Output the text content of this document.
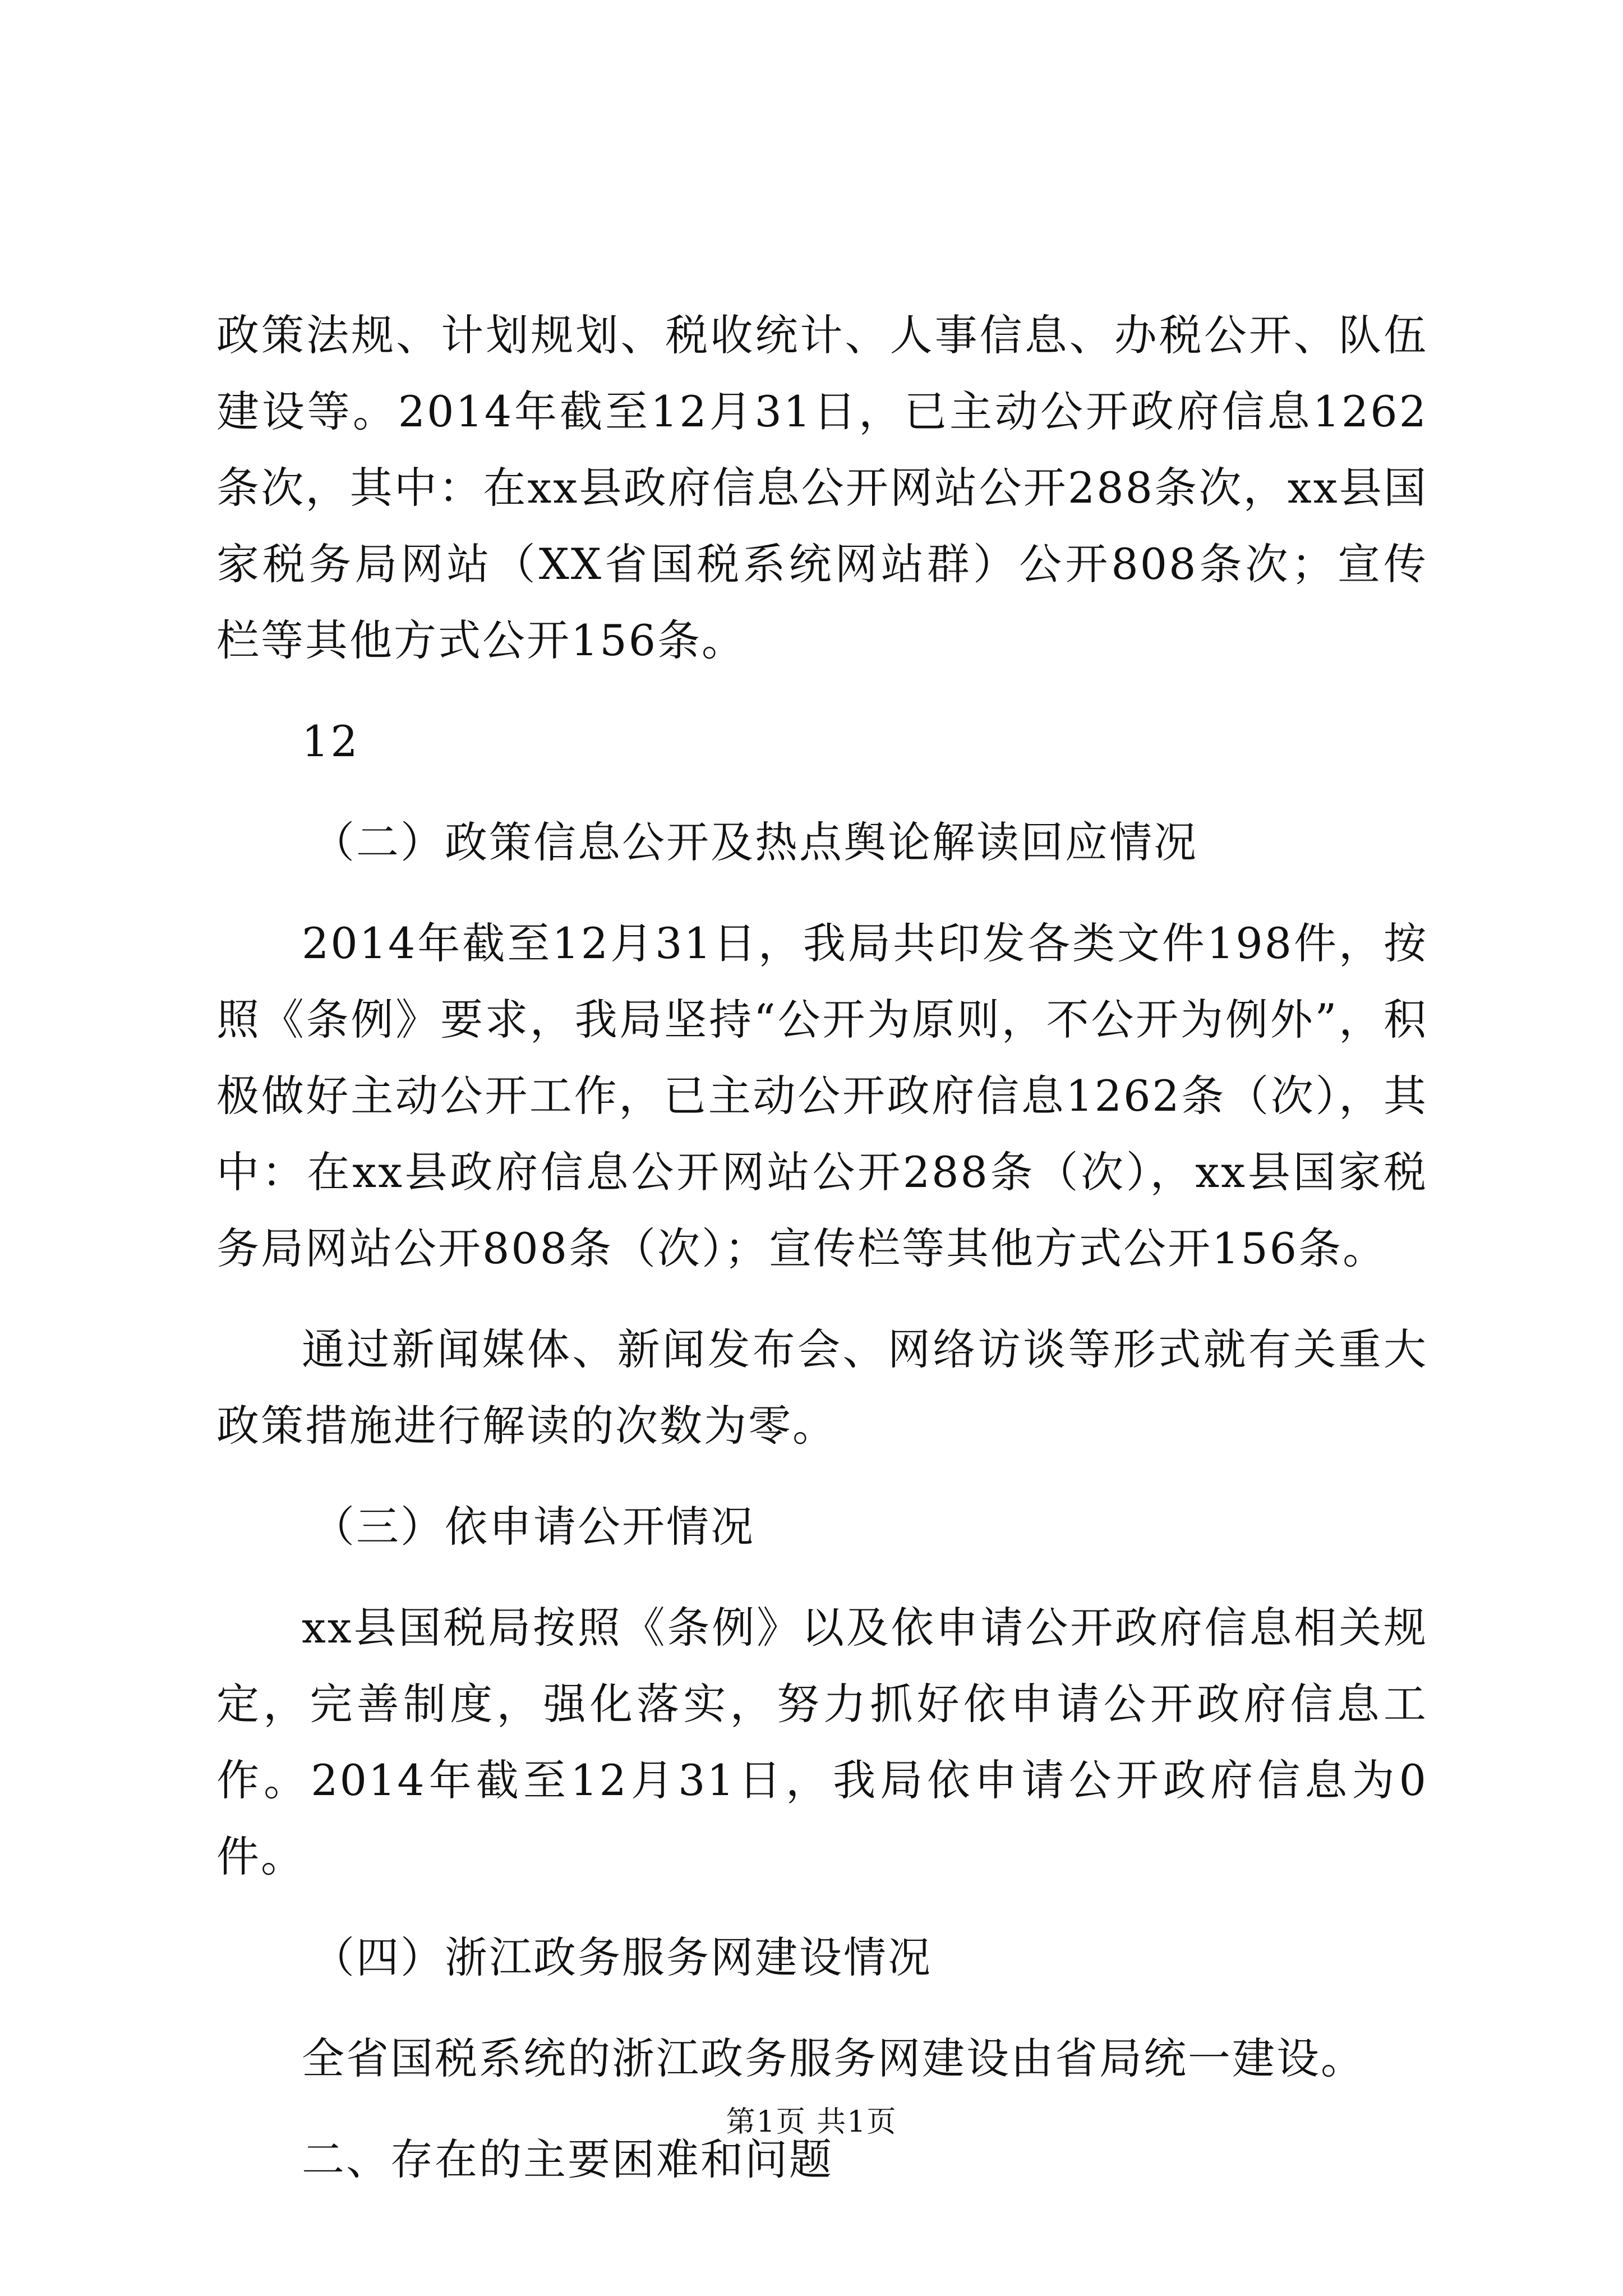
政策法规、计划规划、税收统计、人事信息、办税公开、队伍建设等。2014年截至12月31日，已主动公开政府信息1262条次，其中：在xx县政府信息公开网站公开288条次，xx县国家税务局网站（XX省国税系统网站群）公开808条次；宣传栏等其他方式公开156条。

12

（二）政策信息公开及热点舆论解读回应情况

2014年截至12月31日，我局共印发各类文件198件，按照《条例》要求，我局坚持“公开为原则，不公开为例外”，积极做好主动公开工作，已主动公开政府信息1262条（次），其中：在xx县政府信息公开网站公开288条（次），xx县国家税务局网站公开808条（次）；宣传栏等其他方式公开156条。

通过新闻媒体、新闻发布会、网络访谈等形式就有关重大政策措施进行解读的次数为零。

（三）依申请公开情况

xx县国税局按照《条例》以及依申请公开政府信息相关规定，完善制度，强化落实，努力抓好依申请公开政府信息工作。2014年截至12月31日，我局依申请公开政府信息为0件。

（四）浙江政务服务网建设情况

全省国税系统的浙江政务服务网建设由省局统一建设。

二、存在的主要困难和问题

第1页 共1页
